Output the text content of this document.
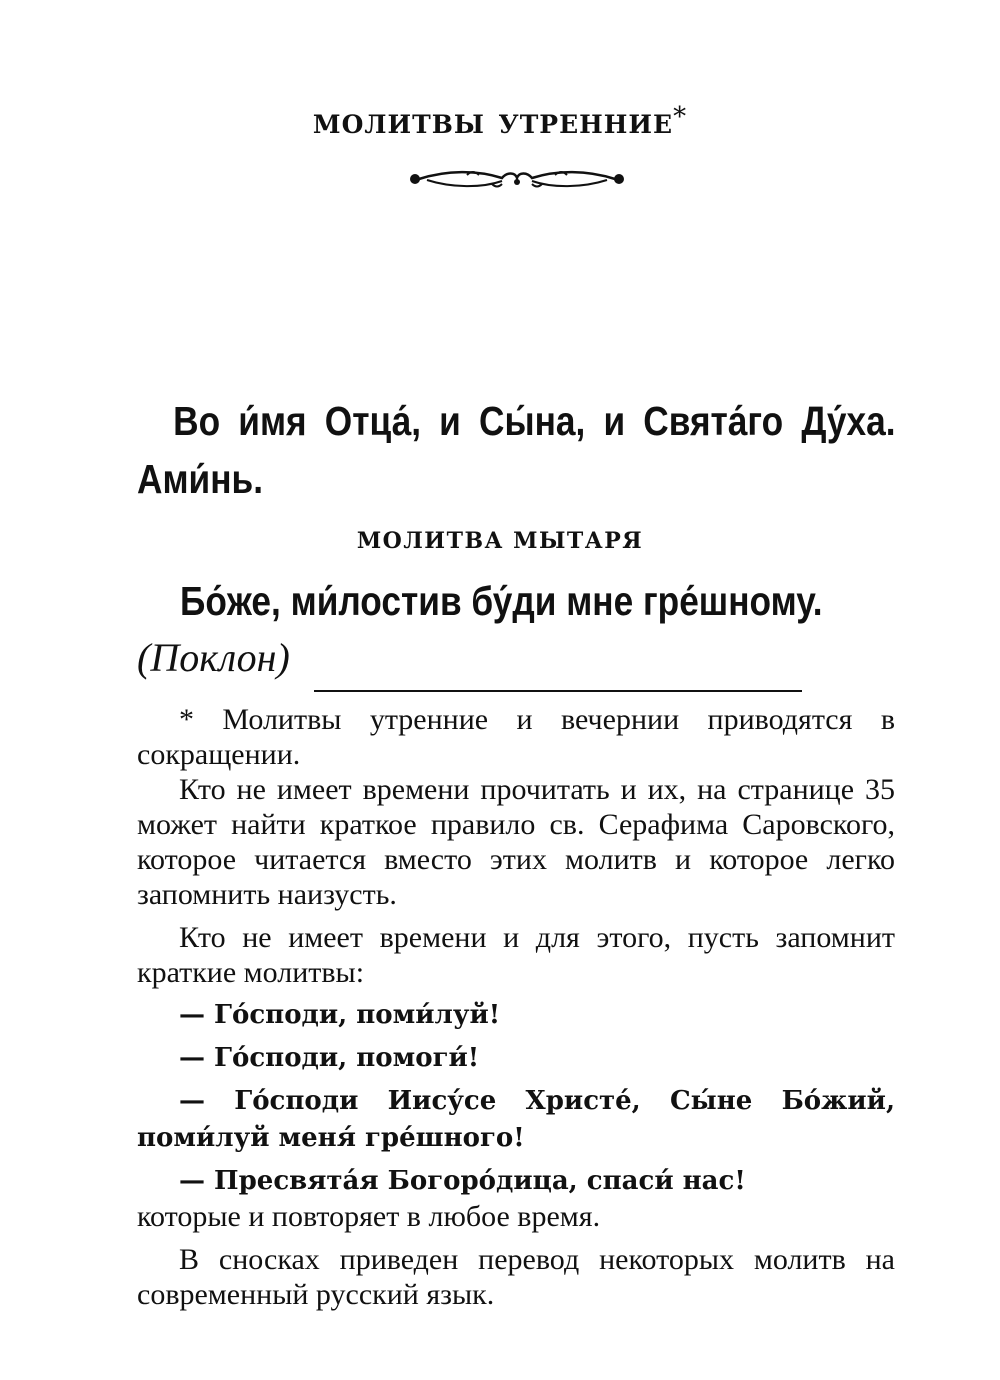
молитвы утренние*
Во и́мя Отца́, и Сы́на, и Свята́го Ду́ха. Ами́нь.
МОЛИТВА МЫТАРЯ
Бо́же, ми́лостив бу́ди мне гре́шному.
(Поклон)

* Молитвы утренние и вечернии приводятся в сокращении.

Кто не имеет времени прочитать и их, на странице 35 может найти краткое правило св. Серафима Саровского, которое читается вместо этих молитв и которое легко запомнить наизусть.

Кто не имеет времени и для этого, пусть запомнит краткие молитвы:

— Го́споди, поми́луй!

— Го́споди, помоги́!

— Го́споди Иису́се Христе́, Сы́не Бо́жий, поми́луй меня́ гре́шного!

— Пресвята́я Богоро́дица, спаси́ нас!

которые и повторяет в любое время.

В сносках приведен перевод некоторых молитв на современный русский язык.
